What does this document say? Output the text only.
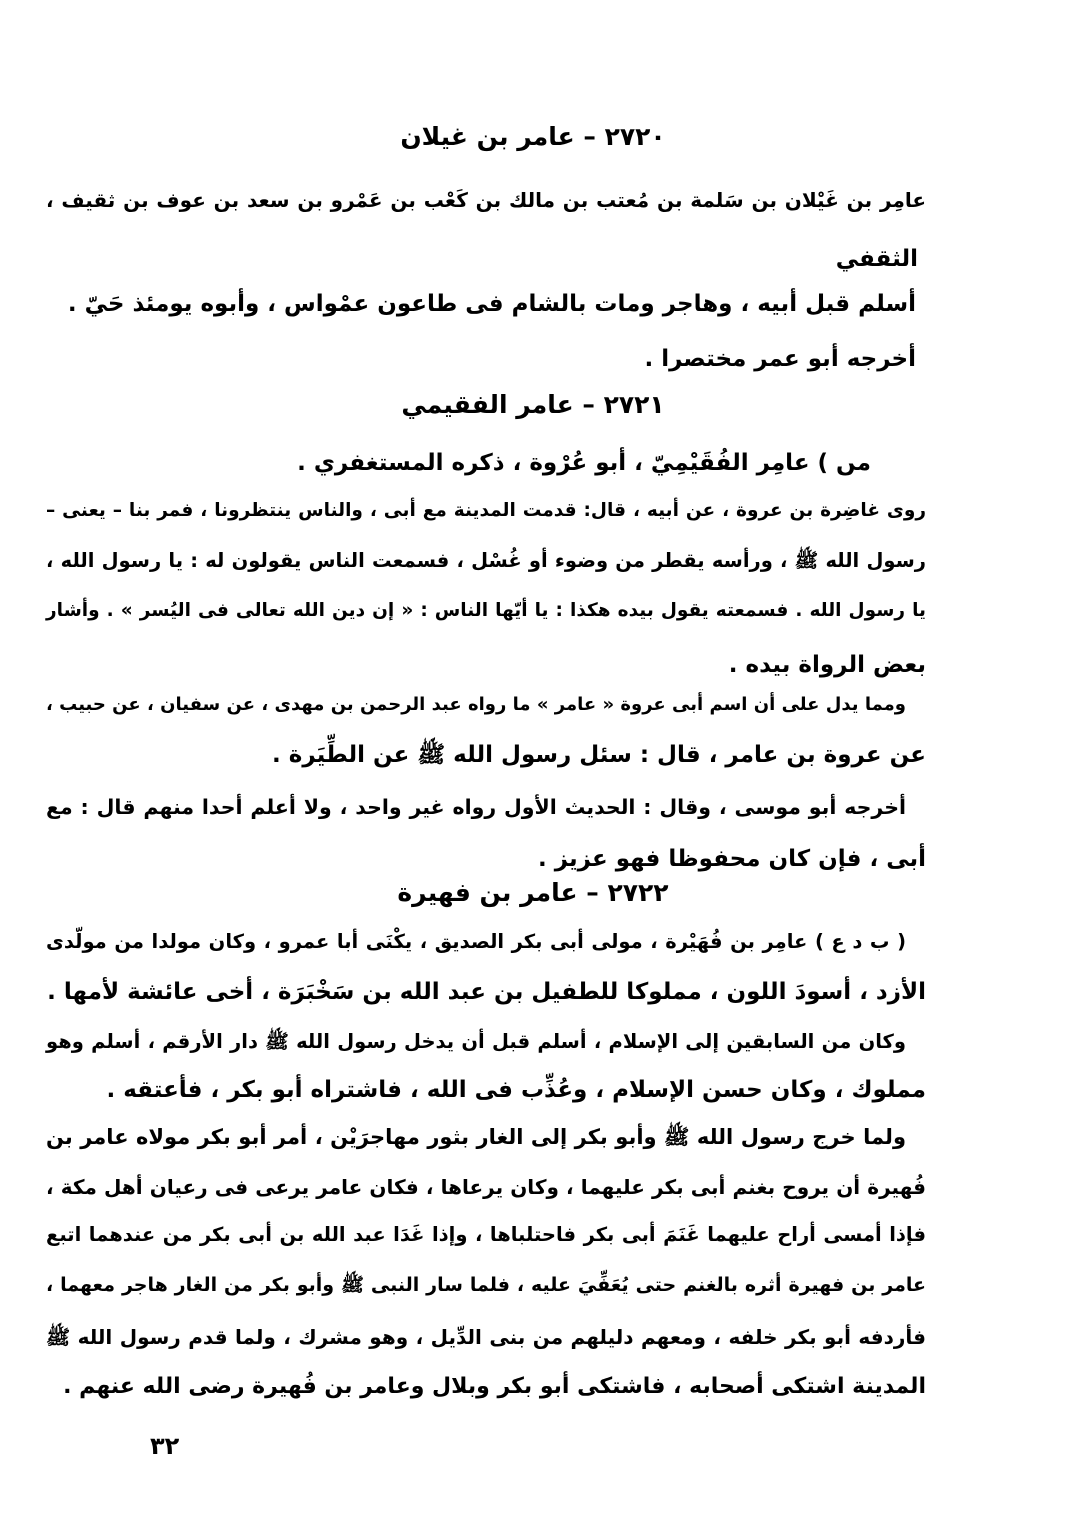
٢٧٢٠ – عامر بن غيلان
عامِر بن غَيْلان بن سَلمة بن مُعتب بن مالك بن كَعْب بن عَمْرو بن سعد بن عوف بن ثقيف ،
الثقفي
أسلم قبل أبيه ، وهاجر ومات بالشام فى طاعون عمْواس ، وأبوه يومئذ حَيّ .
أخرجه أبو عمر مختصرا .
٢٧٢١ – عامر الفقيمي
مں ) عامِر الفُقَيْمِيّ ، أبو عُرْوة ، ذكره المستغفري .
روى غاضِرة بن عروة ، عن أبيه ، قال: قدمت المدينة مع أبى ، والناس ينتظرونا ، فمر بنا – يعنى –
رسول الله ﷺ ، ورأسه يقطر من وضوء أو غُسْل ، فسمعت الناس يقولون له : يا رسول الله ،
يا رسول الله . فسمعته يقول بيده هكذا : يا أيّها الناس : « إن دين الله تعالى فى اليُسر » . وأشار
بعض الرواة بيده .
ومما يدل على أن اسم أبى عروة « عامر » ما رواه عبد الرحمن بن مهدى ، عن سفيان ، عن حبيب ،
عن عروة بن عامر ، قال : سئل رسول الله ﷺ عن الطِّيَرة .
أخرجه أبو موسى ، وقال : الحديث الأول رواه غير واحد ، ولا أعلم أحدا منهم قال : مع
أبى ، فإن كان محفوظا فهو عزيز .
٢٧٢٢ – عامر بن فهيرة
( ب د ع ) عامِر بن فُهَيْرة ، مولى أبى بكر الصديق ، يكْنَى أبا عمرو ، وكان مولدا من مولّدى
الأزد ، أسودَ اللون ، مملوكا للطفيل بن عبد الله بن سَخْبَرَة ، أخى عائشة لأمها .
وكان من السابقين إلى الإسلام ، أسلم قبل أن يدخل رسول الله ﷺ دار الأرقم ، أسلم وهو
مملوك ، وكان حسن الإسلام ، وعُذِّب فى الله ، فاشتراه أبو بكر ، فأعتقه .
ولما خرج رسول الله ﷺ وأبو بكر إلى الغار بثور مهاجرَيْن ، أمر أبو بكر مولاه عامر بن
فُهيرة أن يروح بغنم أبى بكر عليهما ، وكان يرعاها ، فكان عامر يرعى فى رعيان أهل مكة ،
فإذا أمسى أراح عليهما غَنَمَ أبى بكر فاحتلباها ، وإذا غَدَا عبد الله بن أبى بكر من عندهما اتبع
عامر بن فهيرة أثره بالغنم حتى يُعَفِّيَ عليه ، فلما سار النبى ﷺ وأبو بكر من الغار هاجر معهما ،
فأردفه أبو بكر خلفه ، ومعهم دليلهم من بنى الدِّيل ، وهو مشرك ، ولما قدم رسول الله ﷺ
المدينة اشتكى أصحابه ، فاشتكى أبو بكر وبلال وعامر بن فُهيرة رضى الله عنهم .
٣٢
